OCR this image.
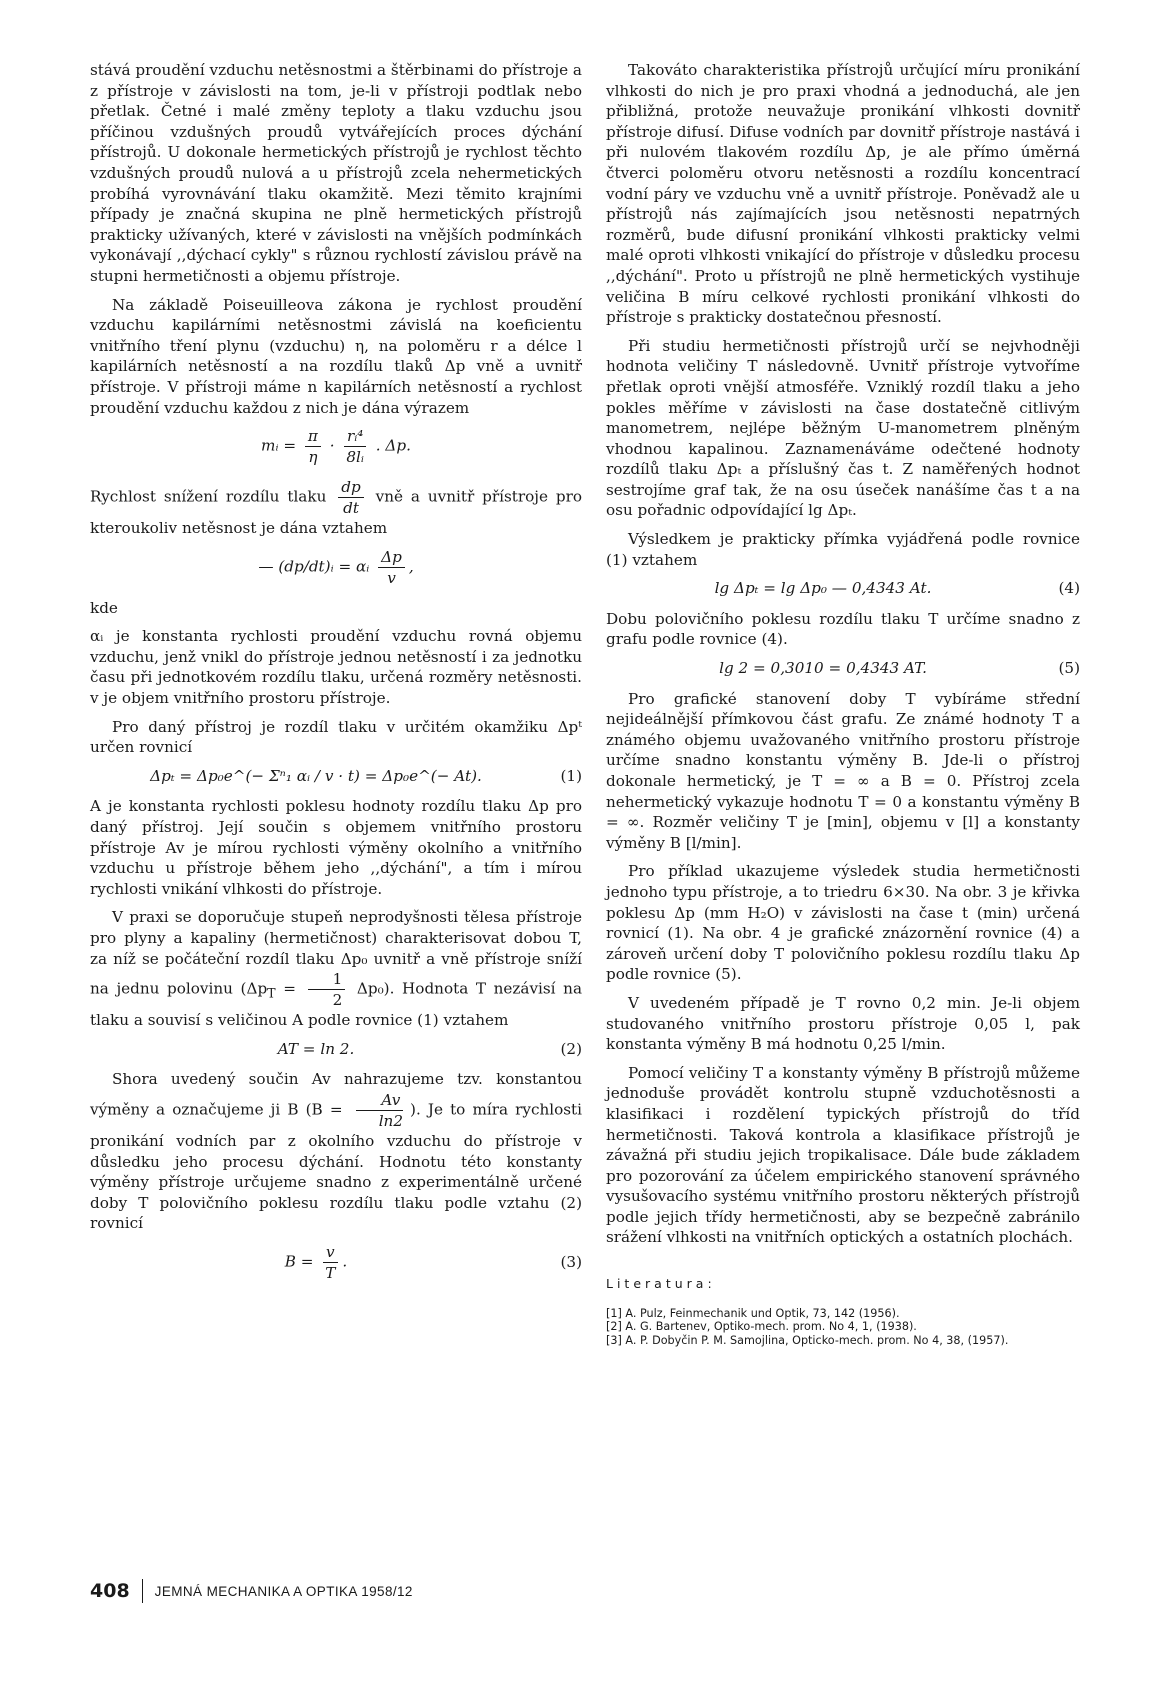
stává proudění vzduchu netěsnostmi a štěrbinami do přístroje a z přístroje v závislosti na tom, je-li v přístroji podtlak nebo přetlak. Četné i malé změny teploty a tlaku vzduchu jsou příčinou vzdušných proudů vytvářejících proces dýchání přístrojů. U dokonale hermetických přístrojů je rychlost těchto vzdušných proudů nulová a u přístrojů zcela nehermetických probíhá vyrovnávání tlaku okamžitě. Mezi těmito krajními případy je značná skupina ne plně hermetických přístrojů prakticky užívaných, které v závislosti na vnějších podmínkách vykonávají ,,dýchací cykly" s různou rychlostí závislou právě na stupni hermetičnosti a objemu přístroje.

Na základě Poiseuilleova zákona je rychlost proudění vzduchu kapilárními netěsnostmi závislá na koeficientu vnitřního tření plynu (vzduchu) η, na poloměru r a délce l kapilárních netěsností a na rozdílu tlaků Δp vně a uvnitř přístroje. V přístroji máme n kapilárních netěsností a rychlost proudění vzduchu každou z nich je dána výrazem

mᵢ = $\frac{\pi}{\eta} \cdot \frac{\text{rᵢ⁴}}{\text{8lᵢ}}$ . Δp.

Rychlost snížení rozdílu tlaku $\frac{dp}{dt}$ vně a uvnitř přístroje pro kteroukoliv netěsnost je dána vztahem

— (dp/dt)ᵢ = αᵢ $\frac{\Delta p}{v}$ ,

kde

αᵢ je konstanta rychlosti proudění vzduchu rovná objemu vzduchu, jenž vnikl do přístroje jednou netěsností i za jednotku času při jednotkovém rozdílu tlaku, určená rozměry netěsnosti. v je objem vnitřního prostoru přístroje.

Pro daný přístroj je rozdíl tlaku v určitém okamžiku Δpᵗ určen rovnicí

Δpₜ = Δp₀e^(− Σⁿ₁ αᵢ / v · t) = Δp₀e^(− At).	(1)

A je konstanta rychlosti poklesu hodnoty rozdílu tlaku Δp pro daný přístroj. Její součin s objemem vnitřního prostoru přístroje Av je mírou rychlosti výměny okolního a vnitřního vzduchu u přístroje během jeho ,,dýchání", a tím i mírou rychlosti vnikání vlhkosti do přístroje.

V praxi se doporučuje stupeň neprodyšnosti tělesa přístroje pro plyny a kapaliny (hermetičnost) charakterisovat dobou T, za níž se počáteční rozdíl tlaku Δp₀ uvnitř a vně přístroje sníží na jednu polovinu $(\Delta p_T = \frac{1}{2} \Delta p_0)$. Hodnota T nezávisí na tlaku a souvisí s veličinou A podle rovnice (1) vztahem

AT = ln 2.	(2)

Shora uvedený součin Av nahrazujeme tzv. konstantou výměny a označujeme ji B ($B = \frac{Av}{\ln 2}$ ). Je to míra rychlosti pronikání vodních par z okolního vzduchu do přístroje v důsledku jeho procesu dýchání. Hodnotu této konstanty výměny přístroje určujeme snadno z experimentálně určené doby T polovičního poklesu rozdílu tlaku podle vztahu (2) rovnicí

$B = \frac{v}{T}$ .	(3)

Takováto charakteristika přístrojů určující míru pronikání vlhkosti do nich je pro praxi vhodná a jednoduchá, ale jen přibližná, protože neuvažuje pronikání vlhkosti dovnitř přístroje difusí. Difuse vodních par dovnitř přístroje nastává i při nulovém tlakovém rozdílu Δp, je ale přímo úměrná čtverci poloměru otvoru netěsnosti a rozdílu koncentrací vodní páry ve vzduchu vně a uvnitř přístroje. Poněvadž ale u přístrojů nás zajímajících jsou netěsnosti nepatrných rozměrů, bude difusní pronikání vlhkosti prakticky velmi malé oproti vlhkosti vnikající do přístroje v důsledku procesu ,,dýchání". Proto u přístrojů ne plně hermetických vystihuje veličina B míru celkové rychlosti pronikání vlhkosti do přístroje s prakticky dostatečnou přesností.

Při studiu hermetičnosti přístrojů určí se nejvhodněji hodnota veličiny T následovně. Uvnitř přístroje vytvoříme přetlak oproti vnější atmosféře. Vzniklý rozdíl tlaku a jeho pokles měříme v závislosti na čase dostatečně citlivým manometrem, nejlépe běžným U-manometrem plněným vhodnou kapalinou. Zaznamenáváme odečtené hodnoty rozdílů tlaku Δpₜ a příslušný čas t. Z naměřených hodnot sestrojíme graf tak, že na osu úseček nanášíme čas t a na osu pořadnic odpovídající lg Δpₜ.

Výsledkem je prakticky přímka vyjádřená podle rovnice (1) vztahem

lg Δpₜ = lg Δp₀ — 0,4343 At.	(4)

Dobu polovičního poklesu rozdílu tlaku T určíme snadno z grafu podle rovnice (4).

lg 2 = 0,3010 = 0,4343 AT.	(5)

Pro grafické stanovení doby T vybíráme střední nejideálnější přímkovou část grafu. Ze známé hodnoty T a známého objemu uvažovaného vnitřního prostoru přístroje určíme snadno konstantu výměny B. Jde-li o přístroj dokonale hermetický, je T = ∞ a B = 0. Přístroj zcela nehermetický vykazuje hodnotu T = 0 a konstantu výměny B = ∞. Rozměr veličiny T je [min], objemu v [l] a konstanty výměny B [l/min].

Pro příklad ukazujeme výsledek studia hermetičnosti jednoho typu přístroje, a to triedru 6×30. Na obr. 3 je křivka poklesu Δp (mm H₂O) v závislosti na čase t (min) určená rovnicí (1). Na obr. 4 je grafické znázornění rovnice (4) a zároveň určení doby T polovičního poklesu rozdílu tlaku Δp podle rovnice (5).

V uvedeném případě je T rovno 0,2 min. Je-li objem studovaného vnitřního prostoru přístroje 0,05 l, pak konstanta výměny B má hodnotu 0,25 l/min.

Pomocí veličiny T a konstanty výměny B přístrojů můžeme jednoduše provádět kontrolu stupně vzduchotěsnosti a klasifikaci i rozdělení typických přístrojů do tříd hermetičnosti. Taková kontrola a klasifikace přístrojů je závažná při studiu jejich tropikalisace. Dále bude základem pro pozorování za účelem empirického stanovení správného vysušovacího systému vnitřního prostoru některých přístrojů podle jejich třídy hermetičnosti, aby se bezpečně zabránilo srážení vlhkosti na vnitřních optických a ostatních plochách.

Literatura:
[1] A. Pulz, Feinmechanik und Optik, 73, 142 (1956).
[2] A. G. Bartenev, Optiko-mech. prom. No 4, 1, (1938).
[3] A. P. Dobyčin P. M. Samojlina, Opticko-mech. prom. No 4, 38, (1957).
408 JEMNÁ MECHANIKA A OPTIKA 1958/12
